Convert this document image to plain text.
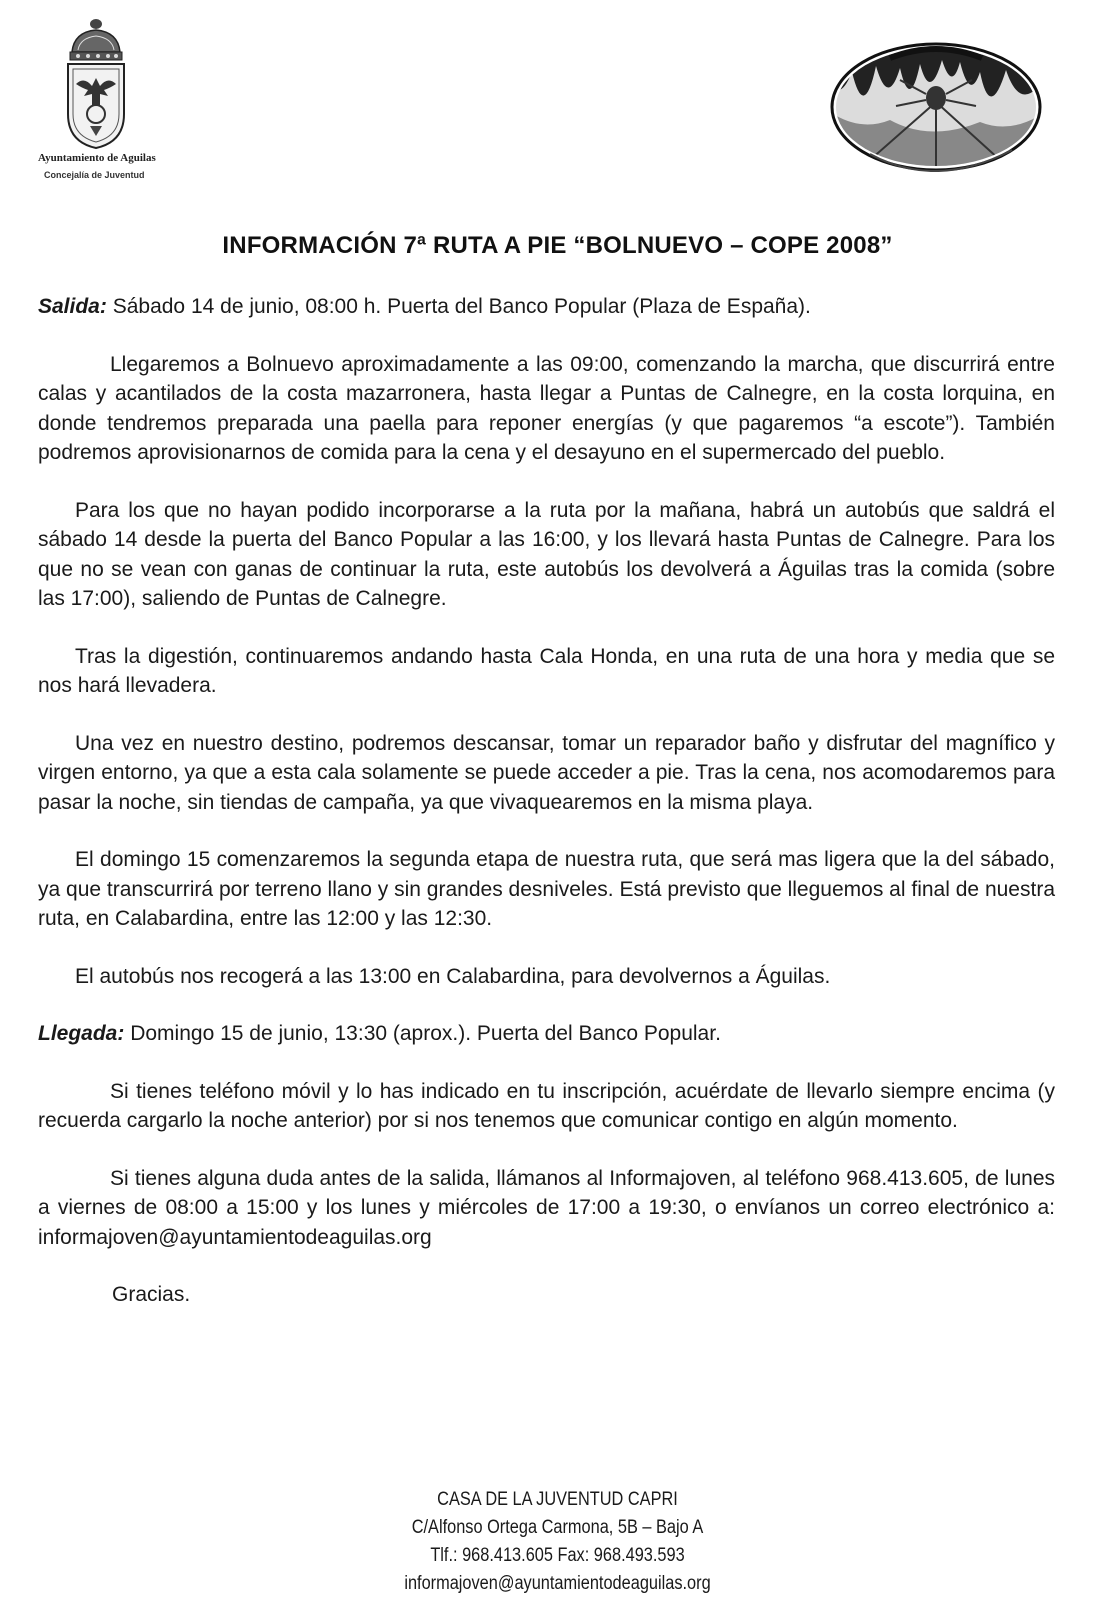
Ayuntamiento de Aguilas
Concejalía de Juventud
INFORMACIÓN 7ª RUTA A PIE “BOLNUEVO – COPE 2008”

Salida: Sábado 14 de junio, 08:00 h. Puerta del Banco Popular (Plaza de España).

Llegaremos a Bolnuevo aproximadamente a las 09:00, comenzando la marcha, que discurrirá entre calas y acantilados de la costa mazarronera, hasta llegar a Puntas de Calnegre, en la costa lorquina, en donde tendremos preparada una paella para reponer energías (y que pagaremos “a escote”). También podremos aprovisionarnos de comida para la cena y el desayuno en el supermercado del pueblo.

Para los que no hayan podido incorporarse a la ruta por la mañana, habrá un autobús que saldrá el sábado 14 desde la puerta del Banco Popular a las 16:00, y los llevará hasta Puntas de Calnegre. Para los que no se vean con ganas de continuar la ruta, este autobús los devolverá a Águilas tras la comida (sobre las 17:00), saliendo de Puntas de Calnegre.

Tras la digestión, continuaremos andando hasta Cala Honda, en una ruta de una hora y media que se nos hará llevadera.

Una vez en nuestro destino, podremos descansar, tomar un reparador baño y disfrutar del magnífico y virgen entorno, ya que a esta cala solamente se puede acceder a pie. Tras la cena, nos acomodaremos para pasar la noche, sin tiendas de campaña, ya que vivaquearemos en la misma playa.

El domingo 15 comenzaremos la segunda etapa de nuestra ruta, que será mas ligera que la del sábado, ya que transcurrirá por terreno llano y sin grandes desniveles. Está previsto que lleguemos al final de nuestra ruta, en Calabardina, entre las 12:00 y las 12:30.

El autobús nos recogerá a las 13:00 en Calabardina, para devolvernos a Águilas.

Llegada: Domingo 15 de junio, 13:30 (aprox.). Puerta del Banco Popular.

Si tienes teléfono móvil y lo has indicado en tu inscripción, acuérdate de llevarlo siempre encima (y recuerda cargarlo la noche anterior) por si nos tenemos que comunicar contigo en algún momento.

Si tienes alguna duda antes de la salida, llámanos al Informajoven, al teléfono 968.413.605, de lunes a viernes de 08:00 a 15:00 y los lunes y miércoles de 17:00 a 19:30, o envíanos un correo electrónico a: informajoven@ayuntamientodeaguilas.org

Gracias.

CASA DE LA JUVENTUD CAPRI
C/Alfonso Ortega Carmona, 5B – Bajo A
Tlf.: 968.413.605 Fax: 968.493.593
informajoven@ayuntamientodeaguilas.org
